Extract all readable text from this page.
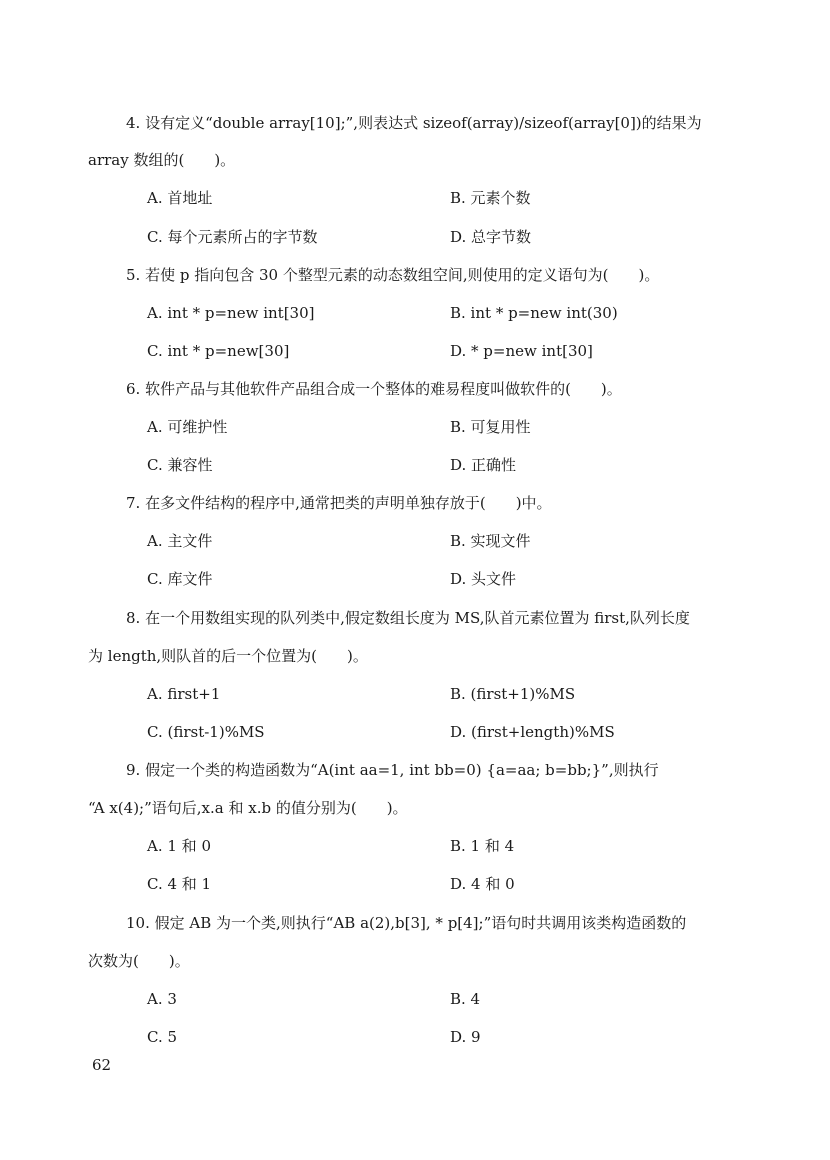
4. 设有定义“double array[10];”,则表达式 sizeof(array)/sizeof(array[0])的结果为
array 数组的(　　)。
A. 首地址	B. 元素个数
C. 每个元素所占的字节数	D. 总字节数
5. 若使 p 指向包含 30 个整型元素的动态数组空间,则使用的定义语句为(　　)。
A. int * p=new int[30]	B. int * p=new int(30)
C. int * p=new[30]	D. * p=new int[30]
6. 软件产品与其他软件产品组合成一个整体的难易程度叫做软件的(　　)。
A. 可维护性	B. 可复用性
C. 兼容性	D. 正确性
7. 在多文件结构的程序中,通常把类的声明单独存放于(　　)中。
A. 主文件	B. 实现文件
C. 库文件	D. 头文件
8. 在一个用数组实现的队列类中,假定数组长度为 MS,队首元素位置为 first,队列长度
为 length,则队首的后一个位置为(　　)。
A. first+1	B. (first+1)%MS
C. (first-1)%MS	D. (first+length)%MS
9. 假定一个类的构造函数为“A(int aa=1, int bb=0) {a=aa; b=bb;}”,则执行
“A x(4);”语句后,x.a 和 x.b 的值分别为(　　)。
A. 1 和 0	B. 1 和 4
C. 4 和 1	D. 4 和 0
10. 假定 AB 为一个类,则执行“AB a(2),b[3], * p[4];”语句时共调用该类构造函数的
次数为(　　)。
A. 3	B. 4
C. 5	D. 9
62
